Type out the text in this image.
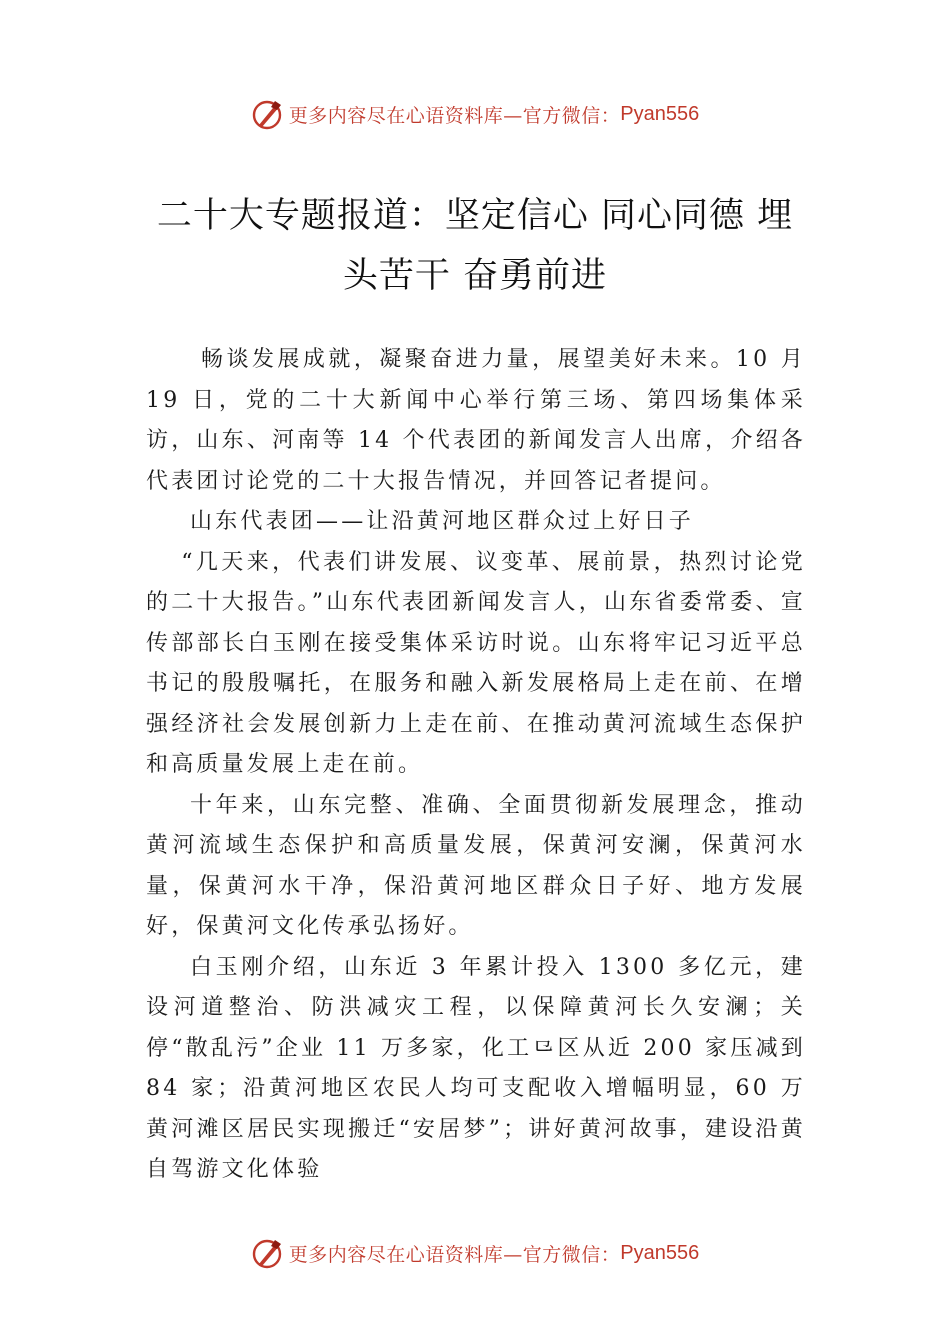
更多内容尽在心语资料库—官方微信： Pyan556
二十大专题报道：坚定信心 同心同德 埋头苦干 奋勇前进

畅谈发展成就，凝聚奋进力量，展望美好未来。10 月 19 日，党的二十大新闻中心举行第三场、第四场集体采访，山东、河南等 14 个代表团的新闻发言人出席，介绍各代表团讨论党的二十大报告情况，并回答记者提问。

山东代表团——让沿黄河地区群众过上好日子

“几天来，代表们讲发展、议变革、展前景，热烈讨论党的二十大报告。”山东代表团新闻发言人，山东省委常委、宣传部部长白玉刚在接受集体采访时说。山东将牢记习近平总书记的殷殷嘱托，在服务和融入新发展格局上走在前、在增强经济社会发展创新力上走在前、在推动黄河流域生态保护和高质量发展上走在前。

十年来，山东完整、准确、全面贯彻新发展理念，推动黄河流域生态保护和高质量发展，保黄河安澜，保黄河水量，保黄河水干净，保沿黄河地区群众日子好、地方发展好，保黄河文化传承弘扬好。

白玉刚介绍，山东近 3 年累计投入 1300 多亿元，建设河道整治、防洪减灾工程，以保障黄河长久安澜；关停“散乱污”企业 11 万多家，化工⺋区从近 200 家压减到 84 家；沿黄河地区农民人均可支配收入增幅明显，60 万黄河滩区居民实现搬迁“安居梦”；讲好黄河故事，建设沿黄自驾游文化体验

更多内容尽在心语资料库—官方微信： Pyan556
